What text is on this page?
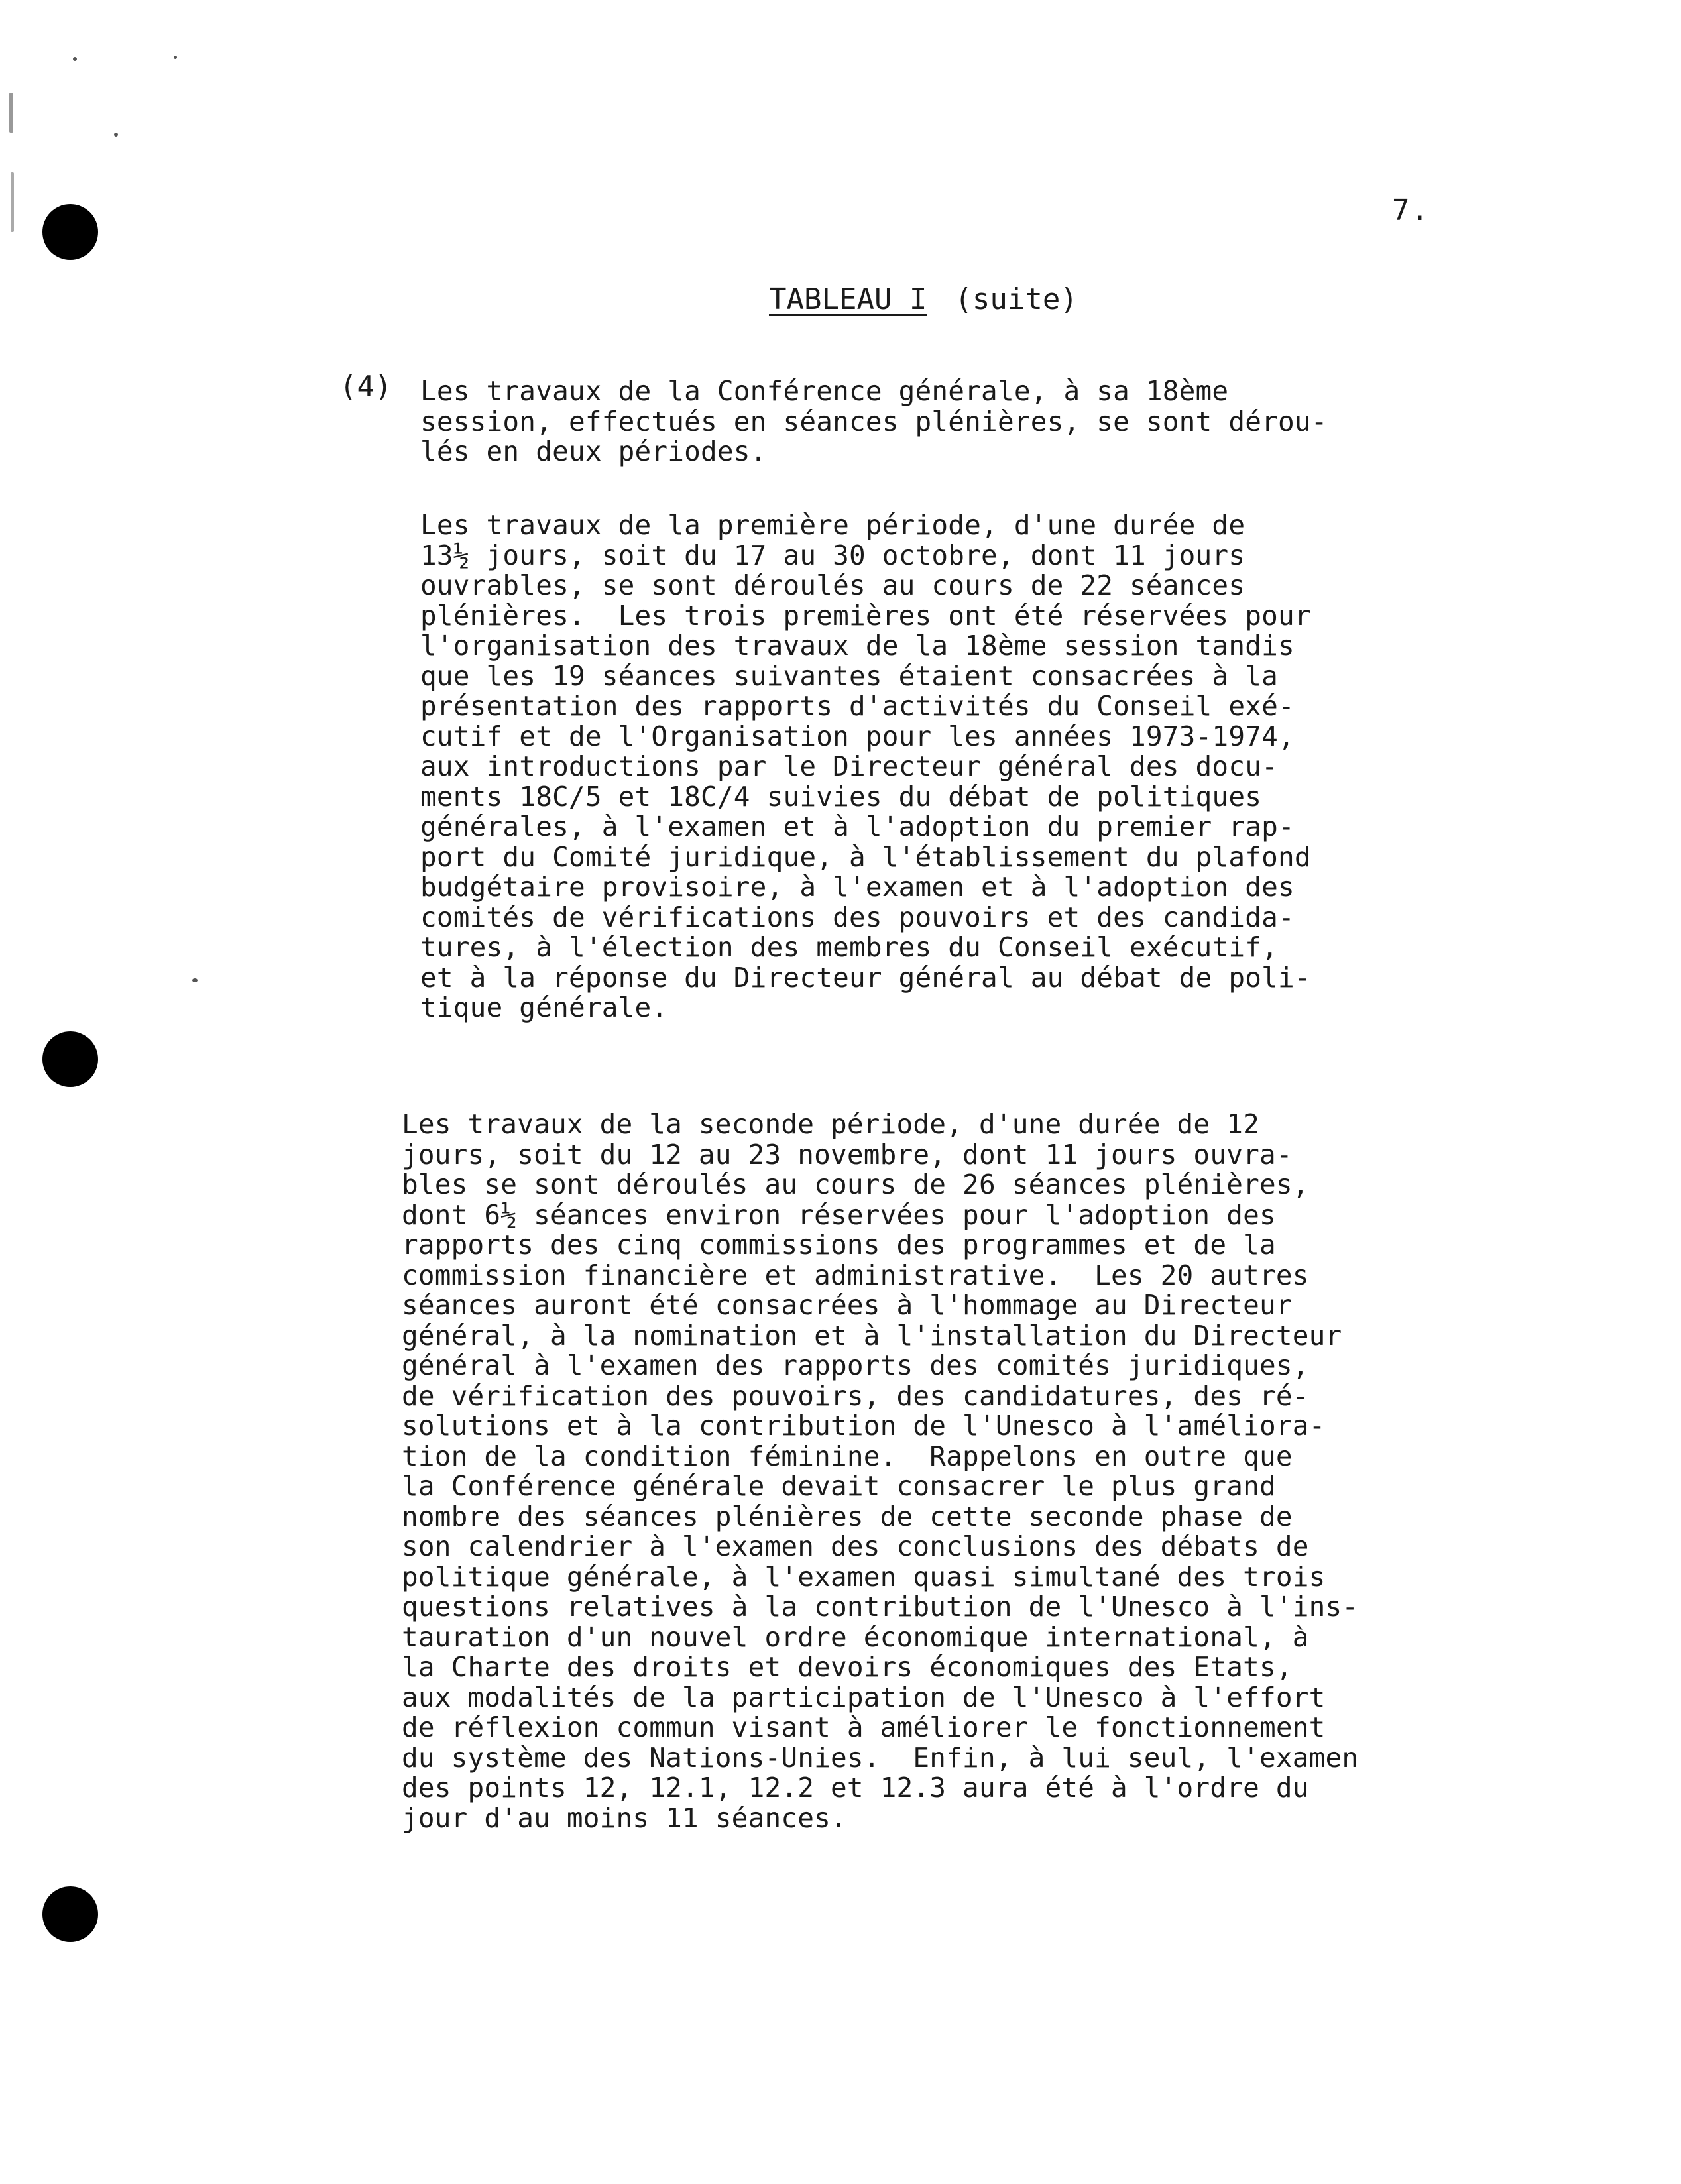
7.
TABLEAU I (suite)
(4) Les travaux de la Conférence générale, à sa 18ème
session, effectués en séances plénières, se sont dérou-
lés en deux périodes.

Les travaux de la première période, d'une durée de
13½ jours, soit du 17 au 30 octobre, dont 11 jours
ouvrables, se sont déroulés au cours de 22 séances
plénières.  Les trois premières ont été réservées pour
l'organisation des travaux de la 18ème session tandis
que les 19 séances suivantes étaient consacrées à la
présentation des rapports d'activités du Conseil exé-
cutif et de l'Organisation pour les années 1973-1974,
aux introductions par le Directeur général des docu-
ments 18C/5 et 18C/4 suivies du débat de politiques
générales, à l'examen et à l'adoption du premier rap-
port du Comité juridique, à l'établissement du plafond
budgétaire provisoire, à l'examen et à l'adoption des
comités de vérifications des pouvoirs et des candida-
tures, à l'élection des membres du Conseil exécutif,
et à la réponse du Directeur général au débat de poli-
tique générale.

Les travaux de la seconde période, d'une durée de 12
jours, soit du 12 au 23 novembre, dont 11 jours ouvra-
bles se sont déroulés au cours de 26 séances plénières,
dont 6½ séances environ réservées pour l'adoption des
rapports des cinq commissions des programmes et de la
commission financière et administrative.  Les 20 autres
séances auront été consacrées à l'hommage au Directeur
général, à la nomination et à l'installation du Directeur
général à l'examen des rapports des comités juridiques,
de vérification des pouvoirs, des candidatures, des ré-
solutions et à la contribution de l'Unesco à l'améliora-
tion de la condition féminine.  Rappelons en outre que
la Conférence générale devait consacrer le plus grand
nombre des séances plénières de cette seconde phase de
son calendrier à l'examen des conclusions des débats de
politique générale, à l'examen quasi simultané des trois
questions relatives à la contribution de l'Unesco à l'ins-
tauration d'un nouvel ordre économique international, à
la Charte des droits et devoirs économiques des Etats,
aux modalités de la participation de l'Unesco à l'effort
de réflexion commun visant à améliorer le fonctionnement
du système des Nations-Unies.  Enfin, à lui seul, l'examen
des points 12, 12.1, 12.2 et 12.3 aura été à l'ordre du
jour d'au moins 11 séances.
